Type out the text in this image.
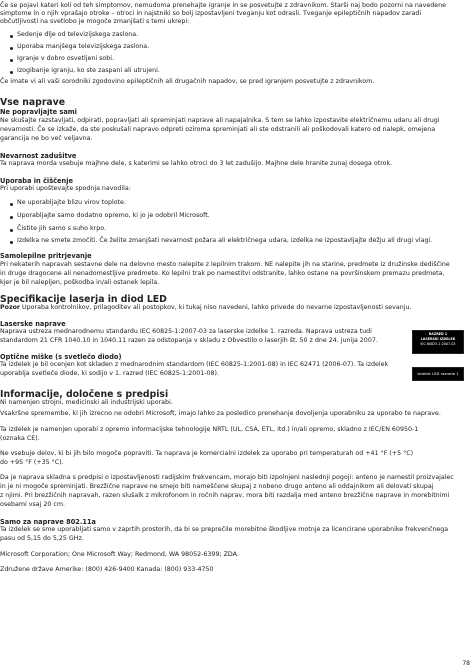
Če se pojavi kateri koli od teh simptomov, nemudoma prenehajte igranje in se posvetujte z zdravnikom. Starši naj bodo pozorni na navedene
simptome in o njih vprašajo otroke – otroci in najstniki so bolj izpostavljeni tveganju kot odrasli. Tveganje epileptičnih napadov zaradi
občutljivosti na svetlobo je mogoče zmanjšati s temi ukrepi:
Sedenje dlje od televizijskega zaslona.
Uporaba manjšega televizijskega zaslona.
Igranje v dobro osvetljeni sobi.
Izogibanje igranju, ko ste zaspani ali utrujeni.
Če imate vi ali vaši sorodniki zgodovino epileptičnih ali drugačnih napadov, se pred igranjem posvetujte z zdravnikom.
Vse naprave
Ne popravljajte sami
Ne skušajte razstavljati, odpirati, popravljati ali spreminjati naprave ali napajalnika. S tem se lahko izpostavite električnemu udaru ali drugi
nevarnosti. Če se izkaže, da ste poskušali napravo odpreti oziroma spreminjati ali ste odstranili ali poškodovali katero od nalepk, omejena
garancija ne bo več veljavna.
Nevarnost zadušitve
Ta naprava morda vsebuje majhne dele, s katerimi se lahko otroci do 3 let zadušijo. Majhne dele hranite zunaj dosega otrok.
Uporaba in čiščenje
Pri uporabi upoštevajte spodnja navodila:
Ne uporabljajte blizu virov toplote.
Uporabljajte samo dodatno opremo, ki jo je odobril Microsoft.
Čistite jih samo s suho krpo.
Izdelka ne smete zmočiti. Če želite zmanjšati nevarnost požara ali električnega udara, izdelka ne izpostavljajte dežju ali drugi vlagi.
Samolepilne pritrjevanje
Pri nekaterih napravah sestavne dele na delovno mesto nalepite z lepilnim trakom. NE nalepite jih na starine, predmete iz družinske dediščine
in druge dragocene ali nenadomestljive predmete. Ko lepilni trak po namestitvi odstranite, lahko ostane na površinskem premazu predmeta,
kjer je bil nalepljen, poškodba in/ali ostanek lepila.
Specifikacije laserja in diod LED
Pozor Uporaba kontrolnikov, prilagoditev ali postopkov, ki tukaj niso navedeni, lahko privede do nevarne izpostavljenosti sevanju.
Laserske naprave
Naprava ustreza mednarodnemu standardu IEC 60825-1:2007-03 za laserske izdelke 1. razreda. Naprava ustreza tudi
standardom 21 CFR 1040.10 in 1040.11 razen za odstopanja v skladu z Obvestilo o laserjih št. 50 z dne 24. junija 2007.
RAZRED 1
LASERSKI IZDELEK
IEC 60825-1:2007-03
Optične miške (s svetlečo diodo)
Ta izdelek je bil ocenjen kot skladen z mednarodnim standardom (IEC 60825-1:2001-08) in IEC 62471 (2006-07). Ta izdelek
uporablja svetleče diode, ki sodijo v 1. razred (IEC 60825-1:2001-08).	Izdelek LED razreda 1
Informacije, določene s predpisi
Ni namenjen strojni, medicinski ali industrijski uporabi.
Vsakršne spremembe, ki jih izrecno ne odobri Microsoft, imajo lahko za posledico prenehanje dovoljenja uporabniku za uporabo te naprave.
Ta izdelek je namenjen uporabi z opremo informacijske tehnologije NRTL (UL, CSA, ETL, itd.) in/ali opremo, skladno z IEC/EN 60950-1
(oznaka CE).
Ne vsebuje delov, ki bi jih bilo mogoče popraviti. Ta naprava je komercialni izdelek za uporabo pri temperaturah od +41 °F (+5 °C)
do +95 °F (+35 °C).
Da je naprava skladna s predpisi o izpostavljenosti radijskim frekvencam, morajo biti izpolnjeni naslednji pogoji: anteno je namestil proizvajalec
in je ni mogoče spreminjati. Brezžične naprave ne smejo biti nameščene skupaj z nobeno drugo anteno ali oddajnikom ali delovati skupaj
z njimi. Pri brezžičnih napravah, razen slušalk z mikrofonom in ročnih naprav, mora biti razdalja med anteno brezžične naprave in morebitnimi
osebami vsaj 20 cm.
Samo za naprave 802.11a
Ta izdelek se sme uporabljati samo v zaprtih prostorih, da bi se preprečile morebitne škodljive motnje za licencirane uporabnike frekvenčnega
pasu od 5,15 do 5,25 GHz.
Microsoft Corporation; One Microsoft Way; Redmond, WA 98052-6399; ZDA.
Združene države Amerike: (800) 426-9400 Kanada: (800) 933-4750
78
